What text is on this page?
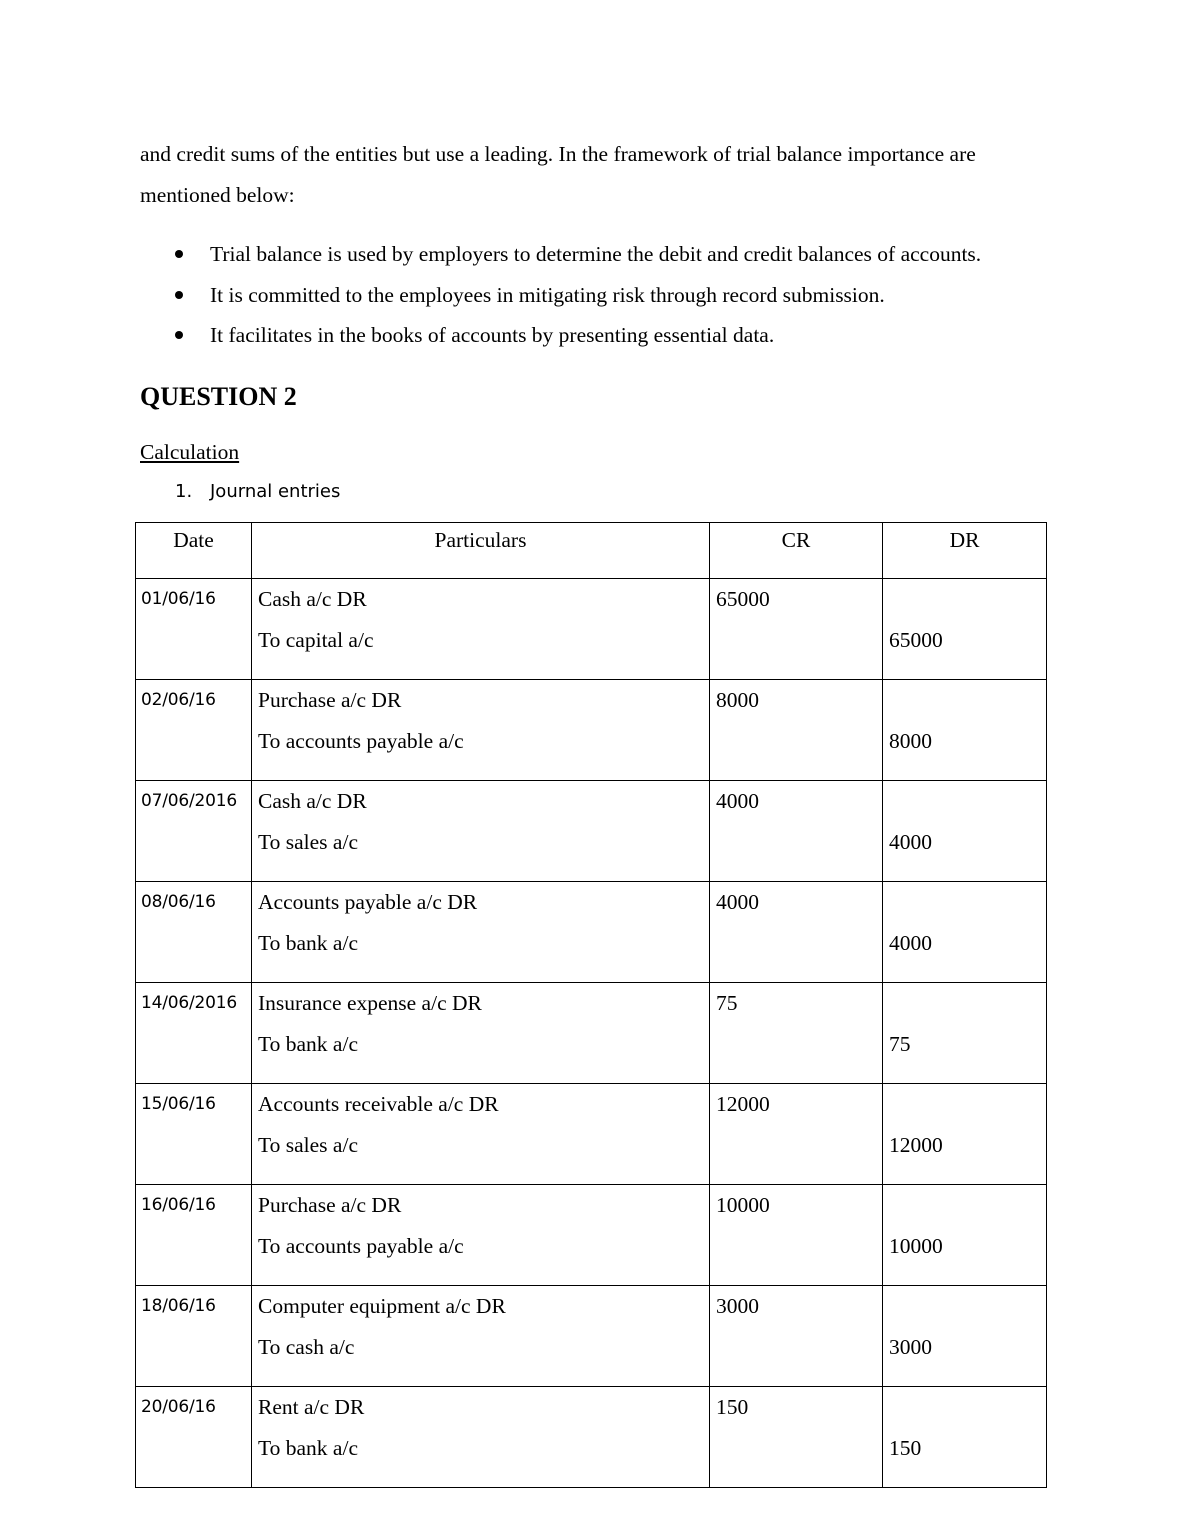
and credit sums of the entities but use a leading. In the framework of trial balance importance are mentioned below:

Trial balance is used by employers to determine the debit and credit balances of accounts.
It is committed to the employees in mitigating risk through record submission.
It facilitates in the books of accounts by presenting essential data.
QUESTION 2
Calculation
1. Journal entries
Date	Particulars	CR	DR
01/06/16	Cash a/c DR
To capital a/c	65000	65000

02/06/16	Purchase a/c DR
To accounts payable a/c	8000	8000

07/06/2016	Cash a/c DR
To sales a/c	4000	4000

08/06/16	Accounts payable a/c DR
To bank a/c	4000	4000

14/06/2016	Insurance expense a/c DR
To bank a/c	75	75

15/06/16	Accounts receivable a/c DR
To sales a/c	12000	12000

16/06/16	Purchase a/c DR
To accounts payable a/c	10000	10000

18/06/16	Computer equipment a/c DR
To cash a/c	3000	3000

20/06/16	Rent a/c DR
To bank a/c	150	150
